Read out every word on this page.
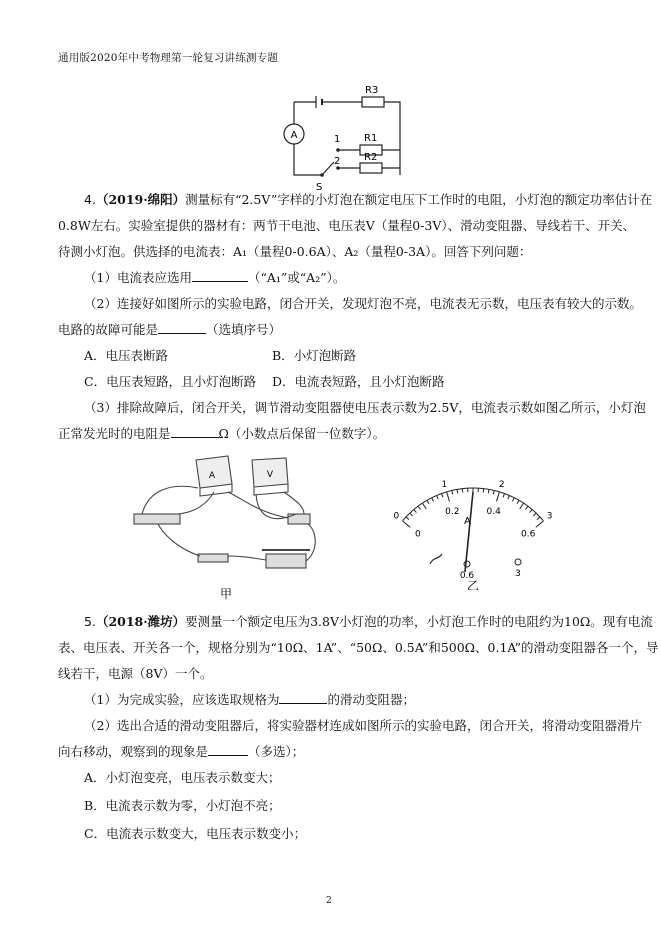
通用版2020年中考物理第一轮复习讲练测专题
A
R3
R1
R2
1
2
S
4.（2019·绵阳）测量标有“2.5V”字样的小灯泡在额定电压下工作时的电阻，小灯泡的额定功率估计在
0.8W左右。实验室提供的器材有：两节干电池、电压表V（量程0-3V）、滑动变阻器、导线若干、开关、
待测小灯泡。供选择的电流表：A₁（量程0-0.6A）、A₂（量程0-3A）。回答下列问题：
（1）电流表应选用	（“A₁”或“A₂”）。
（2）连接好如图所示的实验电路，闭合开关，发现灯泡不亮，电流表无示数，电压表有较大的示数。
电路的故障可能是	（选填序号）
A．电压表断路	B．小灯泡断路
C．电压表短路，且小灯泡断路 D．电流表短路，且小灯泡断路
（3）排除故障后，闭合开关，调节滑动变阻器使电压表示数为2.5V，电流表示数如图乙所示，小灯泡
正常发光时的电阻是	Ω（小数点后保留一位数字）。
A	V
甲
0
1	2
3
0
0.2	0.4
0.6
A
0.6	3
乙
5.（2018·潍坊）要测量一个额定电压为3.8V小灯泡的功率，小灯泡工作时的电阻约为10Ω。现有电流
表、电压表、开关各一个，规格分别为“10Ω、1A”、“50Ω、0.5A”和500Ω、0.1A”的滑动变阻器各一个，导
线若干，电源（8V）一个。
（1）为完成实验，应该选取规格为	的滑动变阻器；
（2）选出合适的滑动变阻器后，将实验器材连成如图所示的实验电路，闭合开关，将滑动变阻器滑片
向右移动，观察到的现象是	（多选）；
A．小灯泡变亮，电压表示数变大；
B．电流表示数为零，小灯泡不亮；
C．电流表示数变大，电压表示数变小；
2
